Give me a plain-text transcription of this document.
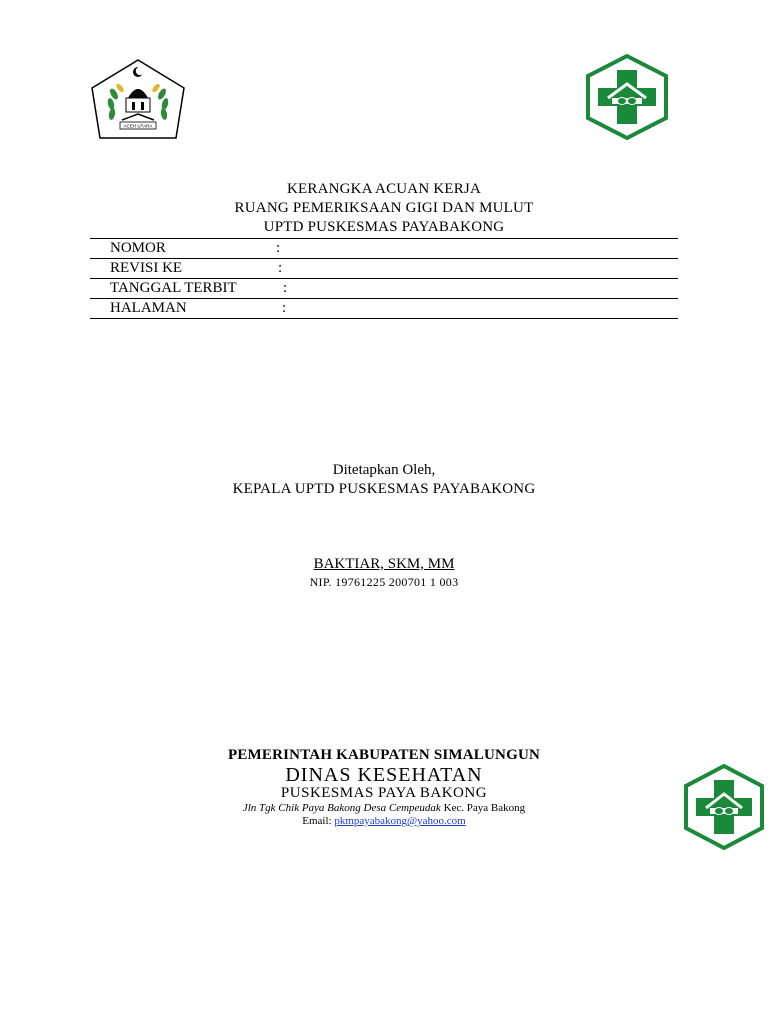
ACEH UTARA
KERANGKA ACUAN KERJA
RUANG PEMERIKSAAN GIGI DAN MULUT
UPTD PUSKESMAS PAYABAKONG
NOMOR	:
REVISI KE	:
TANGGAL TERBIT	:
HALAMAN	:
Ditetapkan Oleh,
KEPALA UPTD PUSKESMAS PAYABAKONG
BAKTIAR, SKM, MM
NIP. 19761225 200701 1 003
PEMERINTAH KABUPATEN SIMALUNGUN
DINAS KESEHATAN
PUSKESMAS PAYA BAKONG
Jln Tgk Chik Paya Bakong Desa Cempeudak Kec. Paya Bakong
Email: pkmpayabakong@yahoo.com
